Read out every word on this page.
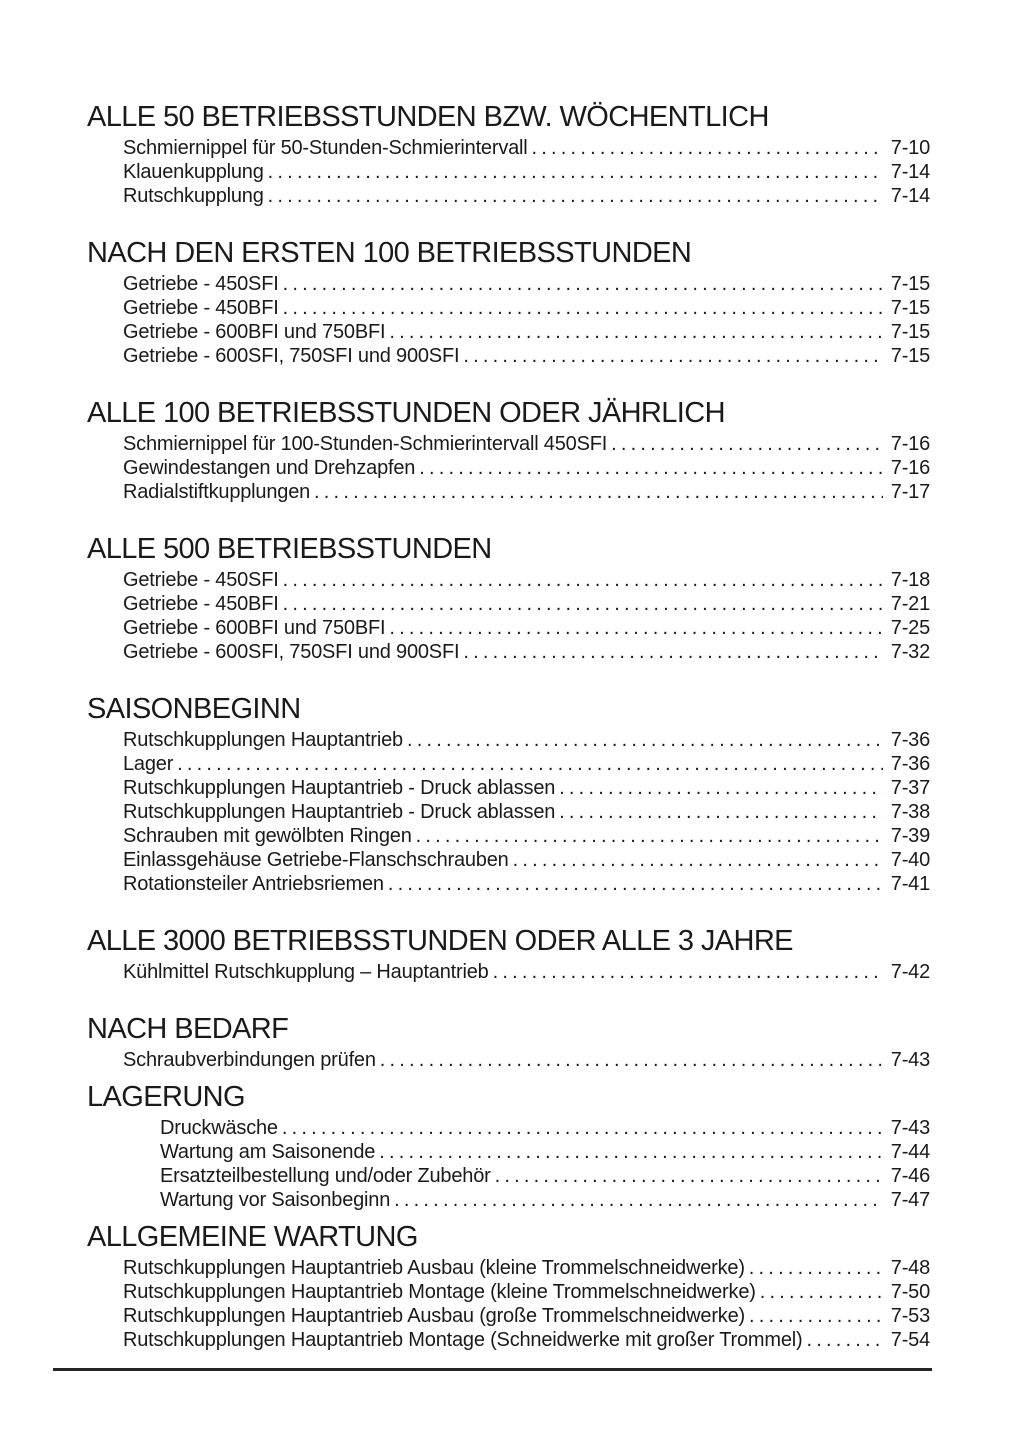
ALLE 50 BETRIEBSSTUNDEN BZW. WÖCHENTLICH
Schmiernippel für 50-Stunden-Schmierintervall .....	7-10
Klauenkupplung .....	7-14
Rutschkupplung .....	7-14
NACH DEN ERSTEN 100 BETRIEBSSTUNDEN
Getriebe - 450SFI .....	7-15
Getriebe - 450BFI .....	7-15
Getriebe - 600BFI und 750BFI .....	7-15
Getriebe - 600SFI, 750SFI und 900SFI .....	7-15
ALLE 100 BETRIEBSSTUNDEN ODER JÄHRLICH
Schmiernippel für 100-Stunden-Schmierintervall 450SFI .....	7-16
Gewindestangen und Drehzapfen .....	7-16
Radialstiftkupplungen .....	7-17
ALLE 500 BETRIEBSSTUNDEN
Getriebe - 450SFI .....	7-18
Getriebe - 450BFI .....	7-21
Getriebe - 600BFI und 750BFI .....	7-25
Getriebe - 600SFI, 750SFI und 900SFI .....	7-32
SAISONBEGINN
Rutschkupplungen Hauptantrieb .....	7-36
Lager .....	7-36
Rutschkupplungen Hauptantrieb - Druck ablassen .....	7-37
Rutschkupplungen Hauptantrieb - Druck ablassen .....	7-38
Schrauben mit gewölbten Ringen .....	7-39
Einlassgehäuse Getriebe-Flanschschrauben .....	7-40
Rotationsteiler Antriebsriemen .....	7-41
ALLE 3000 BETRIEBSSTUNDEN ODER ALLE 3 JAHRE
Kühlmittel Rutschkupplung – Hauptantrieb .....	7-42
NACH BEDARF
Schraubverbindungen prüfen .....	7-43
LAGERUNG
Druckwäsche .....	7-43
Wartung am Saisonende .....	7-44
Ersatzteilbestellung und/oder Zubehör .....	7-46
Wartung vor Saisonbeginn .....	7-47
ALLGEMEINE WARTUNG
Rutschkupplungen Hauptantrieb Ausbau (kleine Trommelschneidwerke) .....	7-48
Rutschkupplungen Hauptantrieb Montage (kleine Trommelschneidwerke) .....	7-50
Rutschkupplungen Hauptantrieb Ausbau (große Trommelschneidwerke) .....	7-53
Rutschkupplungen Hauptantrieb Montage (Schneidwerke mit großer Trommel) .....	7-54
